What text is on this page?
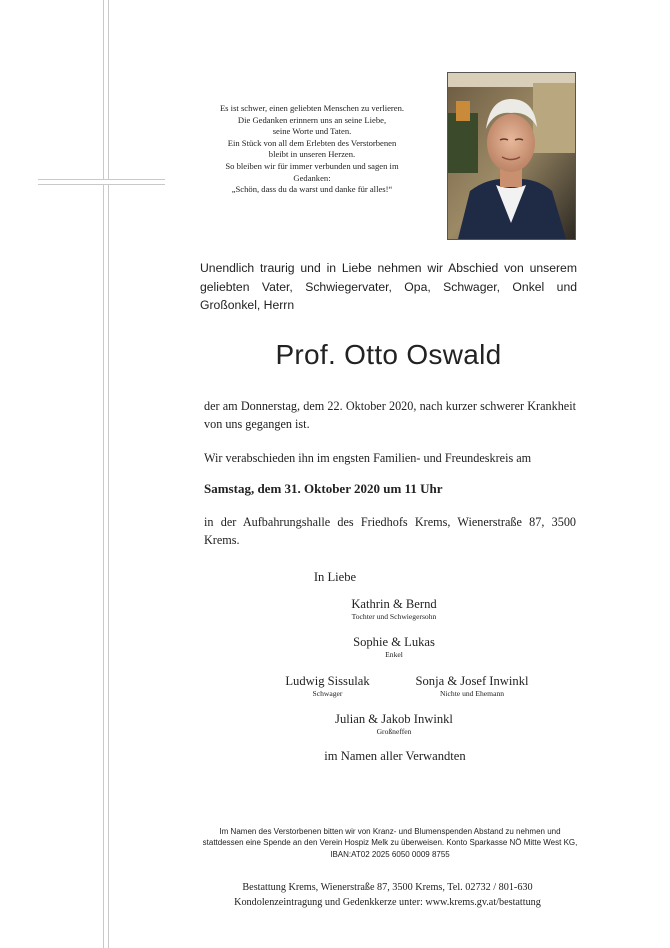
Es ist schwer, einen geliebten Menschen zu verlieren.
Die Gedanken erinnern uns an seine Liebe,
seine Worte und Taten.
Ein Stück von all dem Erlebten des Verstorbenen
bleibt in unseren Herzen.
So bleiben wir für immer verbunden und sagen im
Gedanken:
„Schön, dass du da warst und danke für alles!“
Unendlich traurig und in Liebe nehmen wir Abschied von unserem geliebten Vater, Schwiegervater, Opa, Schwager, Onkel und Großonkel, Herrn
Prof. Otto Oswald
der am Donnerstag, dem 22. Oktober 2020, nach kurzer schwerer Krankheit von uns gegangen ist.
Wir verabschieden ihn im engsten Familien- und Freundeskreis am
Samstag, dem 31. Oktober 2020 um 11 Uhr
in der Aufbahrungshalle des Friedhofs Krems, Wienerstraße 87, 3500 Krems.
In Liebe
Kathrin & Bernd
Tochter und Schwiegersohn
Sophie & Lukas
Enkel
Ludwig Sissulak
Schwager
Sonja & Josef Inwinkl
Nichte und Ehemann
Julian & Jakob Inwinkl
Großneffen
im Namen aller Verwandten
Im Namen des Verstorbenen bitten wir von Kranz- und Blumenspenden Abstand zu nehmen und stattdessen eine Spende an den Verein Hospiz Melk zu überweisen. Konto Sparkasse NÖ Mitte West KG, IBAN:AT02 2025 6050 0009 8755
Bestattung Krems, Wienerstraße 87, 3500 Krems, Tel. 02732 / 801-630
Kondolenzeintragung und Gedenkkerze unter: www.krems.gv.at/bestattung
